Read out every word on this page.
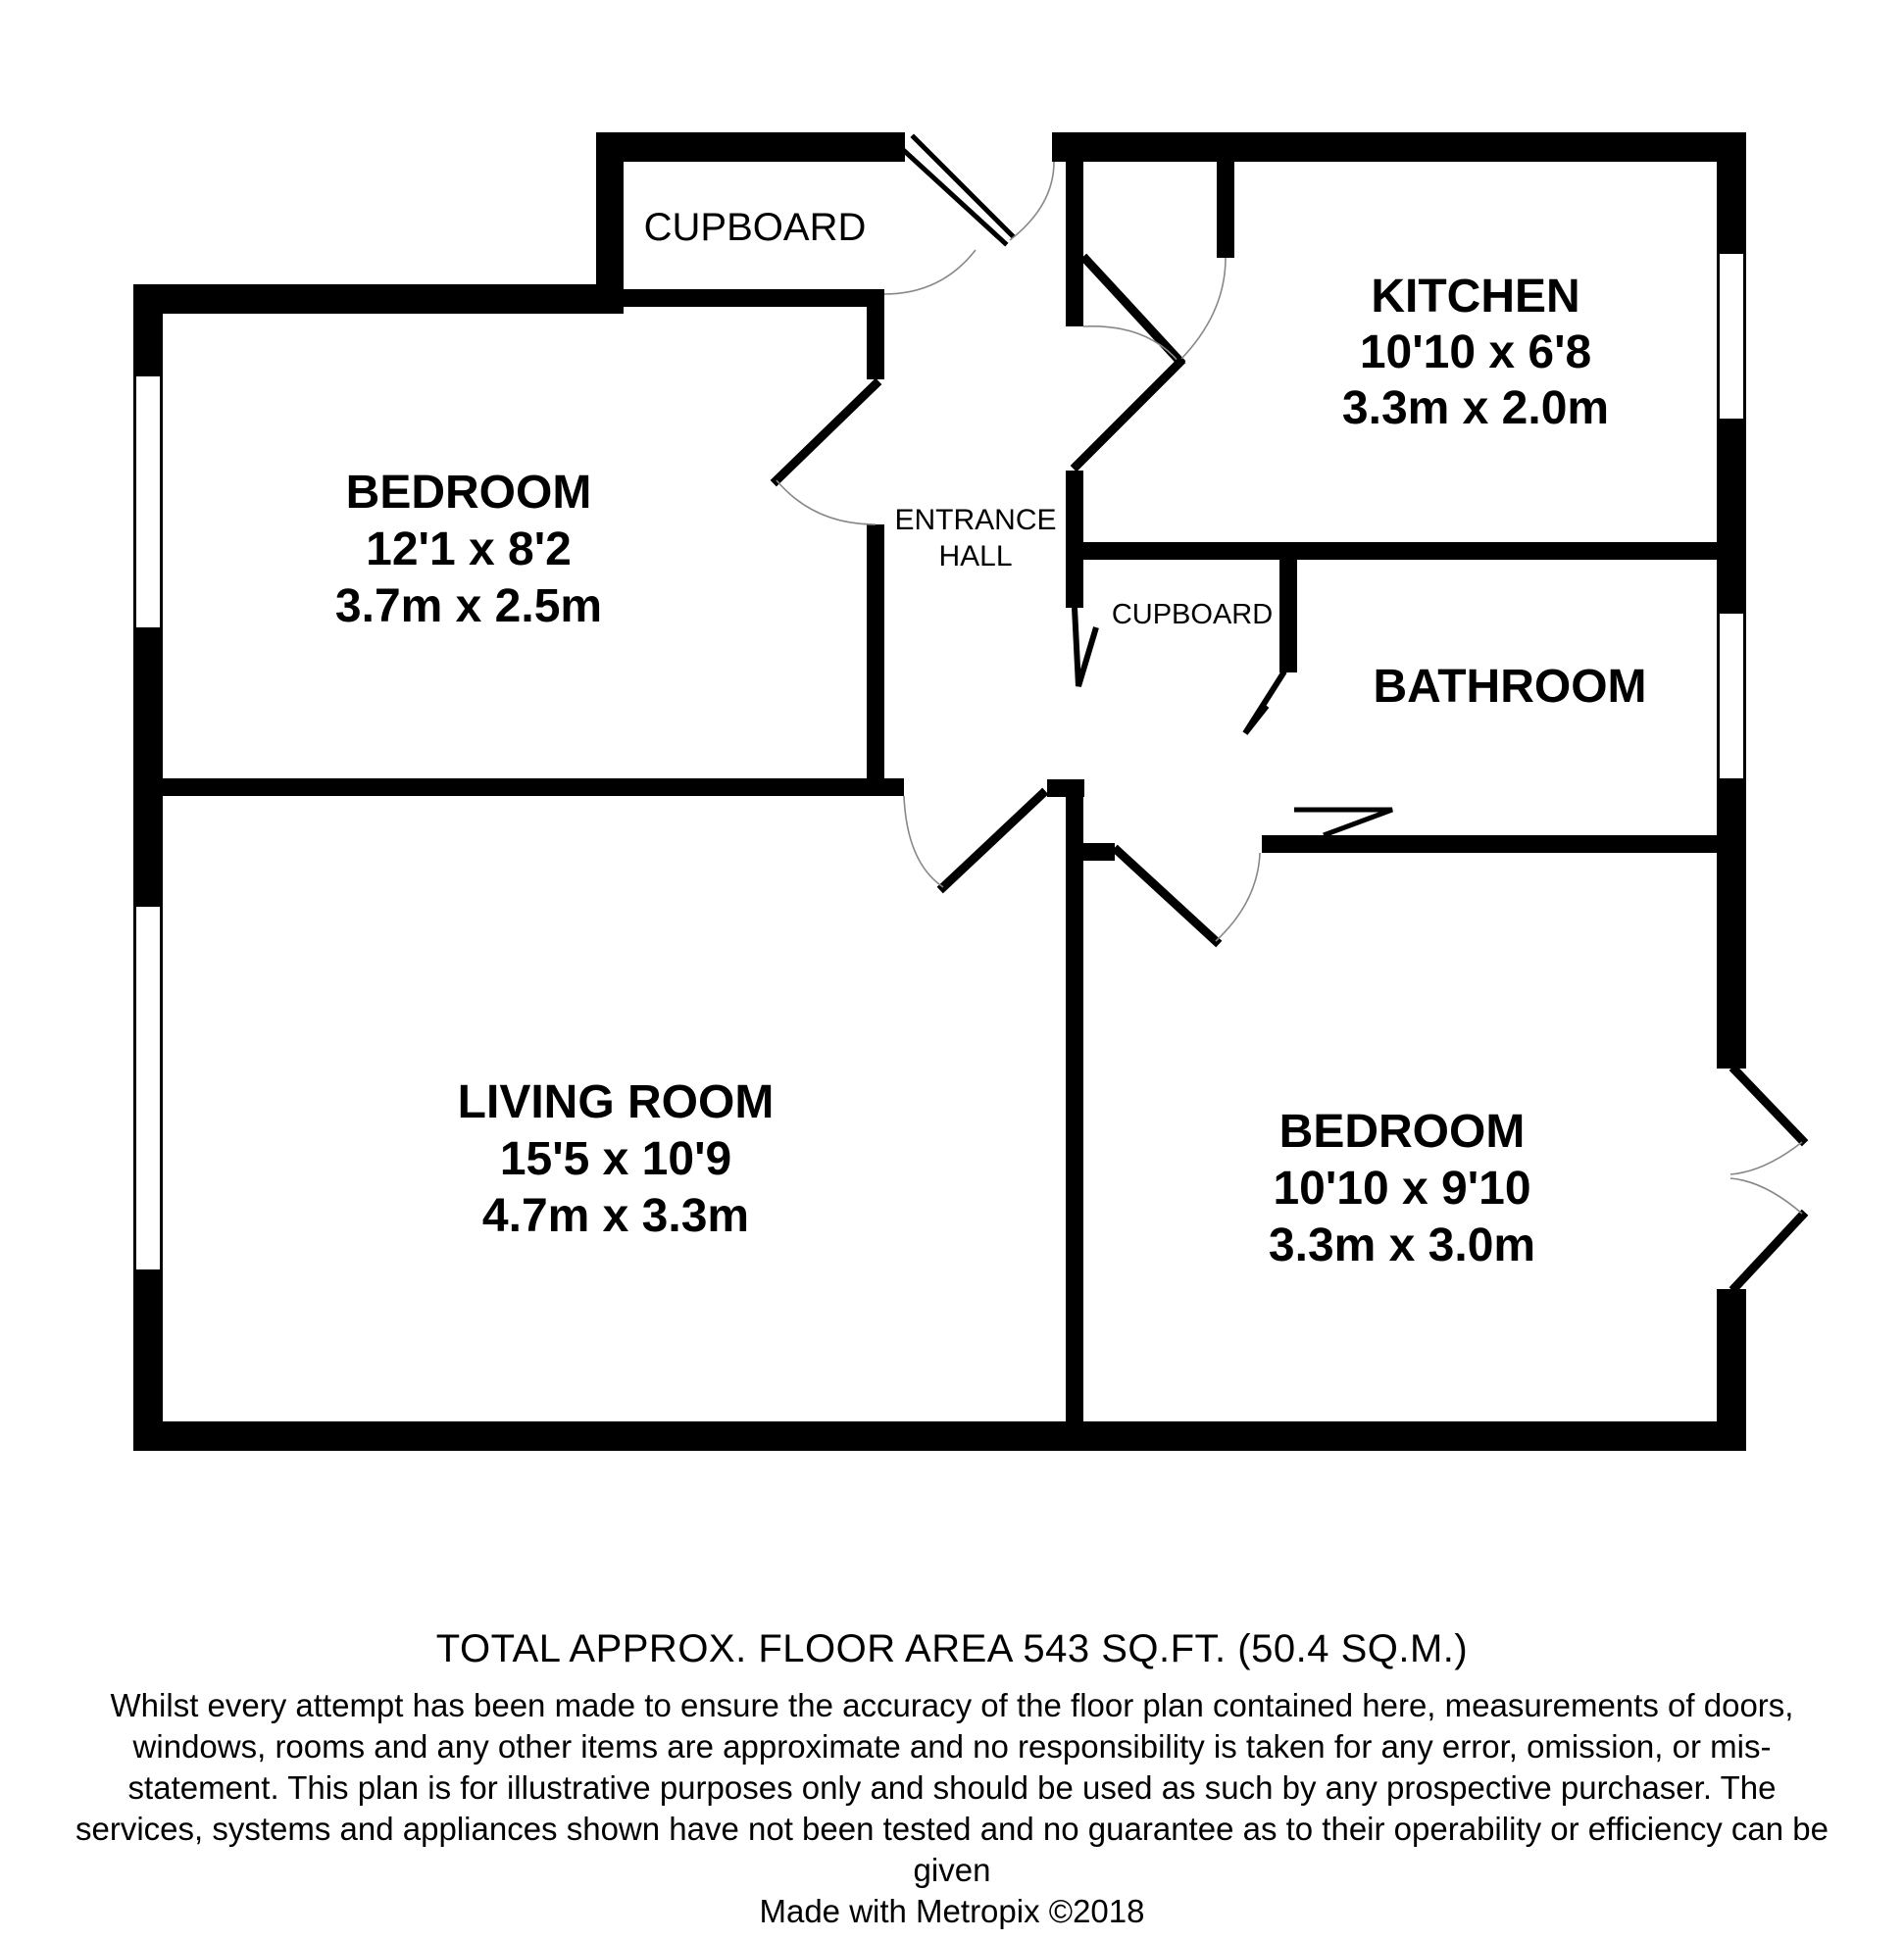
CUPBOARD
KITCHEN
10'10 x 6'8
3.3m x 2.0m
BEDROOM
12'1 x 8'2
3.7m x 2.5m
ENTRANCE
HALL
CUPBOARD
BATHROOM
LIVING ROOM
15'5 x 10'9
4.7m x 3.3m
BEDROOM
10'10 x 9'10
3.3m x 3.0m
TOTAL APPROX. FLOOR AREA 543 SQ.FT. (50.4 SQ.M.)
Whilst every attempt has been made to ensure the accuracy of the floor plan contained here, measurements of doors, windows, rooms and any other items are approximate and no responsibility is taken for any error, omission, or mis-statement. This plan is for illustrative purposes only and should be used as such by any prospective purchaser. The services, systems and appliances shown have not been tested and no guarantee as to their operability or efficiency can be given
Made with Metropix ©2018
